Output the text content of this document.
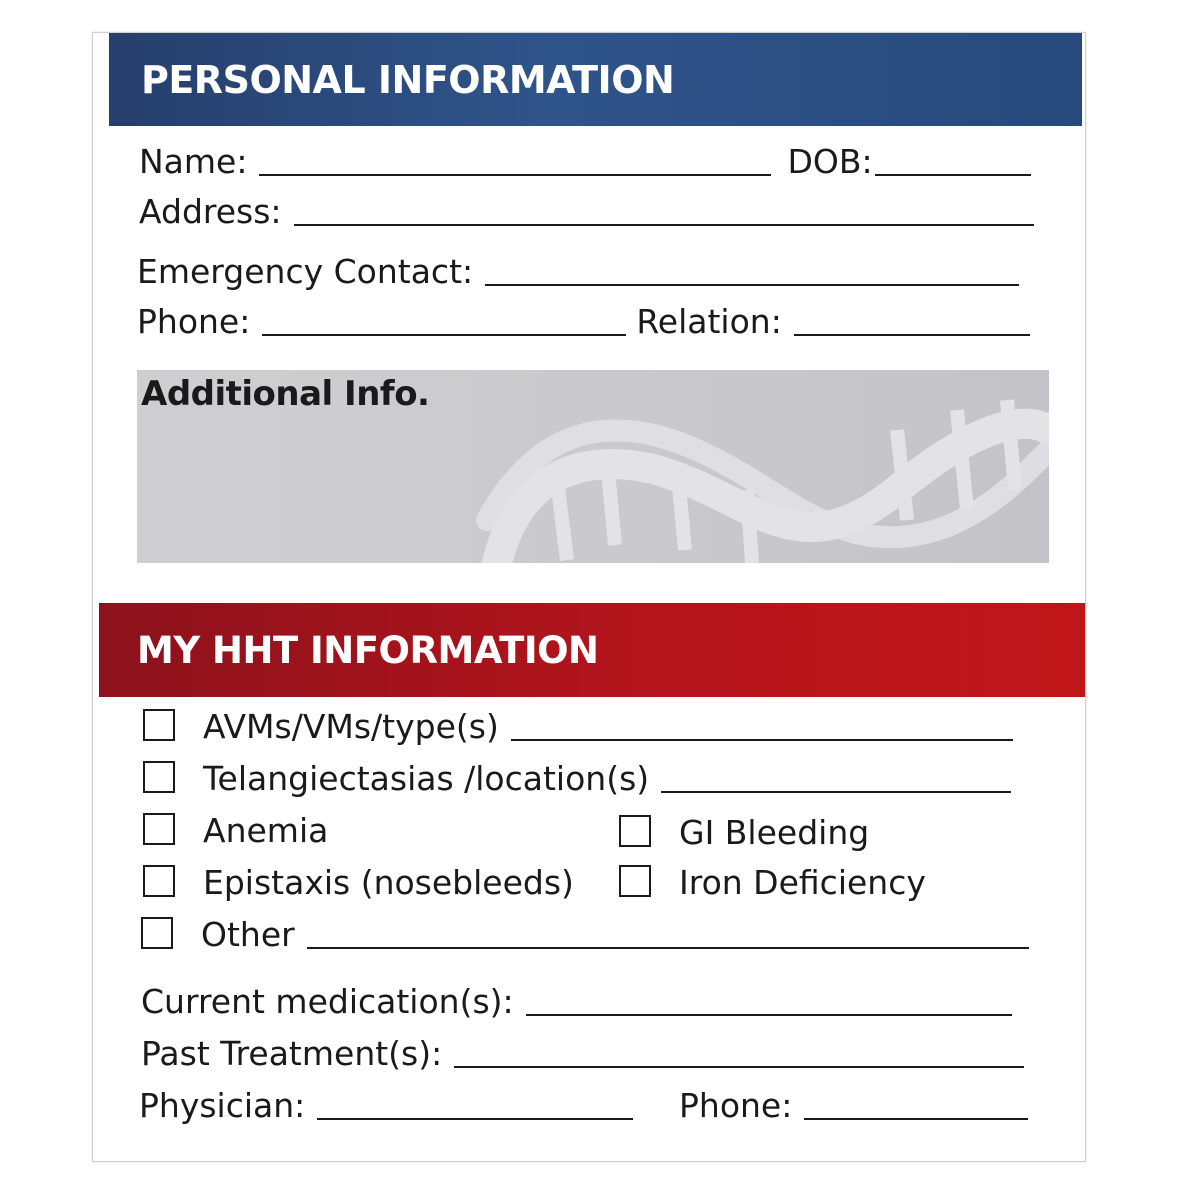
PERSONAL INFORMATION
Name:	DOB:
Address:
Emergency Contact:
Phone:	Relation:
Additional Info.
MY HHT INFORMATION
AVMs/VMs/type(s)
Telangiectasias /location(s)
Anemia	GI Bleeding
Epistaxis (nosebleeds)	Iron Deficiency
Other
Current medication(s):
Past Treatment(s):
Physician:	Phone:
